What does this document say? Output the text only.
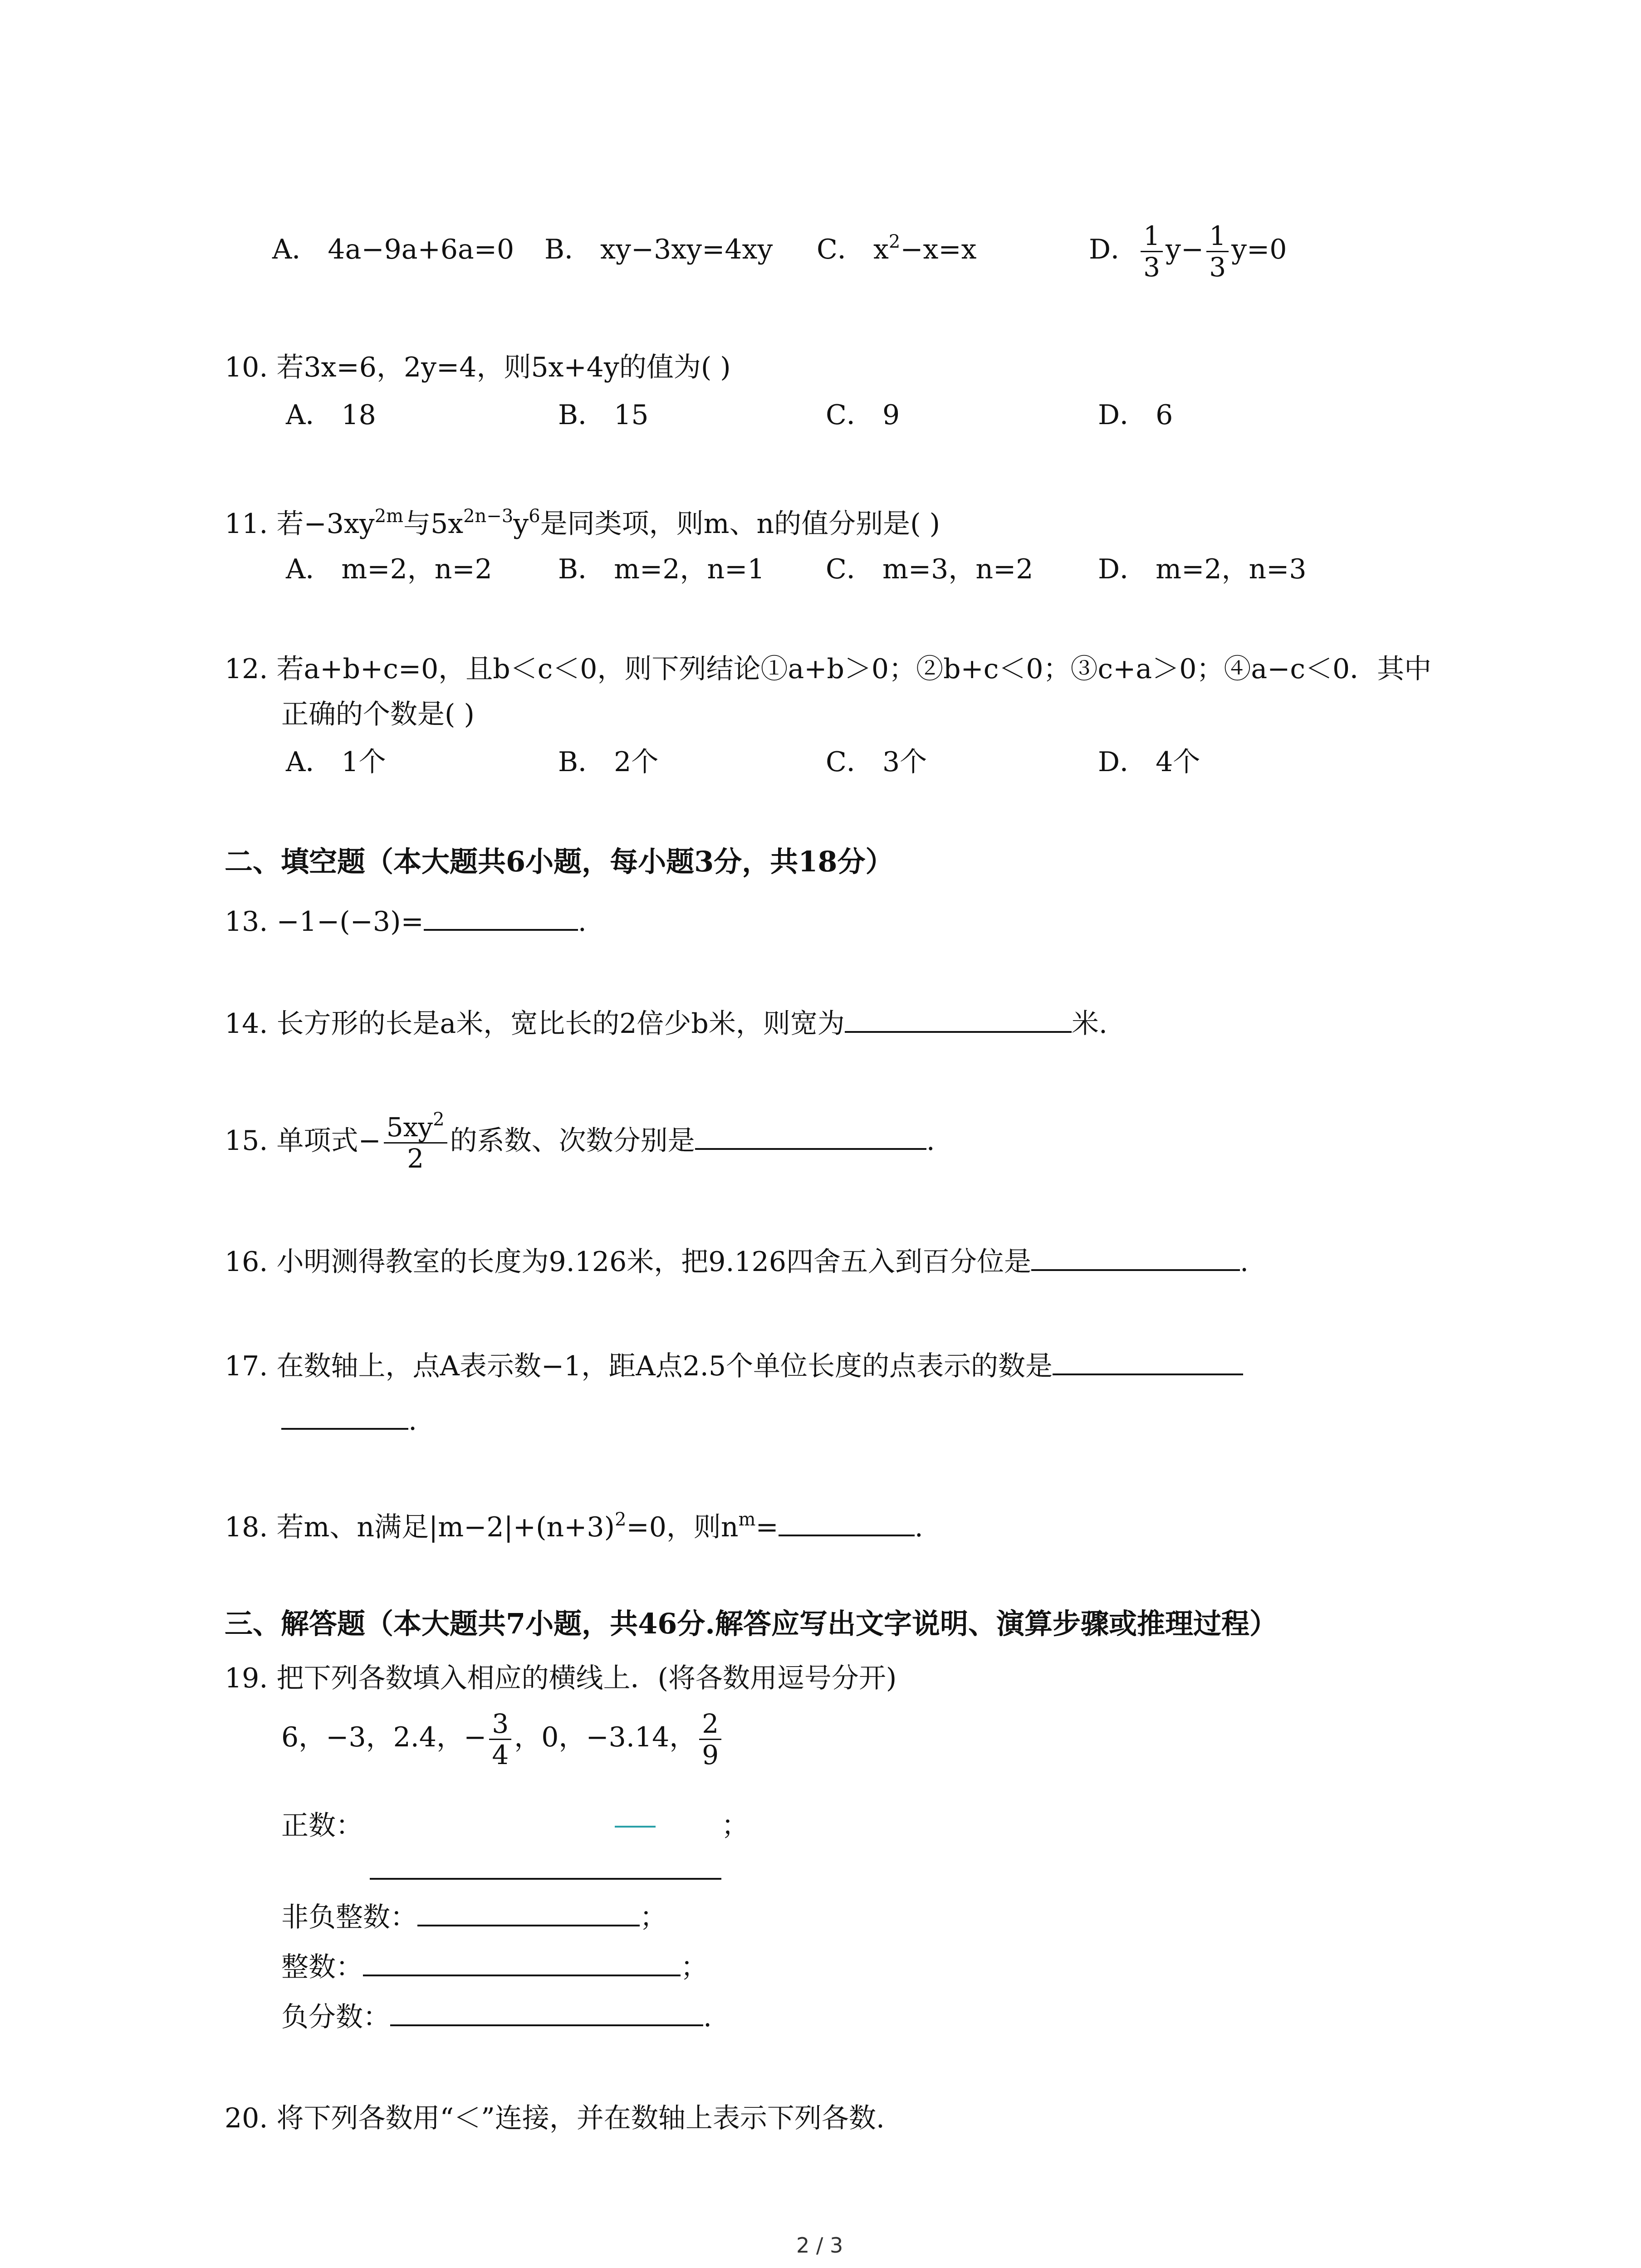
A． 4a−9a+6a=0 B． xy−3xy=4xy C． $x^2-x=x$	D． $\frac{1}{3} y- \frac{1}{3} y=0$
10. 若3x=6，2y=4，则5x+4y的值为( )
A． 18	B． 15	C． 9	D． 6
11. 若$-3xy^{2m}$与$5x^{2n-3}y^6$是同类项，则m、n的值分别是( )
A． m=2，n=2 B． m=2，n=1 C． m=3，n=2 D． m=2，n=3
12. 若a+b+c=0，且b＜c＜0，则下列结论①a+b＞0；②b+c＜0；③c+a＞0；④a−c＜0．其中
正确的个数是( )
A． 1个	B． 2个	C． 3个	D． 4个
二、填空题（本大题共6小题，每小题3分，共18分）
13. −1−(−3)=	.
14. 长方形的长是a米，宽比长的2倍少b米，则宽为	米.
15. 单项式− $\frac{5xy^2}{2}$ 的系数、次数分别是	.
16. 小明测得教室的长度为9.126米，把9.126四舍五入到百分位是	.
17. 在数轴上，点A表示数−1，距A点2.5个单位长度的点表示的数是
.
18. 若m、n满足$|m-2|+(n+3)^2=0$，则$n^m=$	.
三、解答题（本大题共7小题，共46分.解答应写出文字说明、演算步骤或推理过程）
19. 把下列各数填入相应的横线上．(将各数用逗号分开)
6，−3，2.4，− $\frac{3}{4}$ ，0，−3.14， $\frac{2}{9}$
正数：	；
非负整数：	；
整数：	；
负分数：	.
20. 将下列各数用“＜”连接，并在数轴上表示下列各数.
2 / 3
